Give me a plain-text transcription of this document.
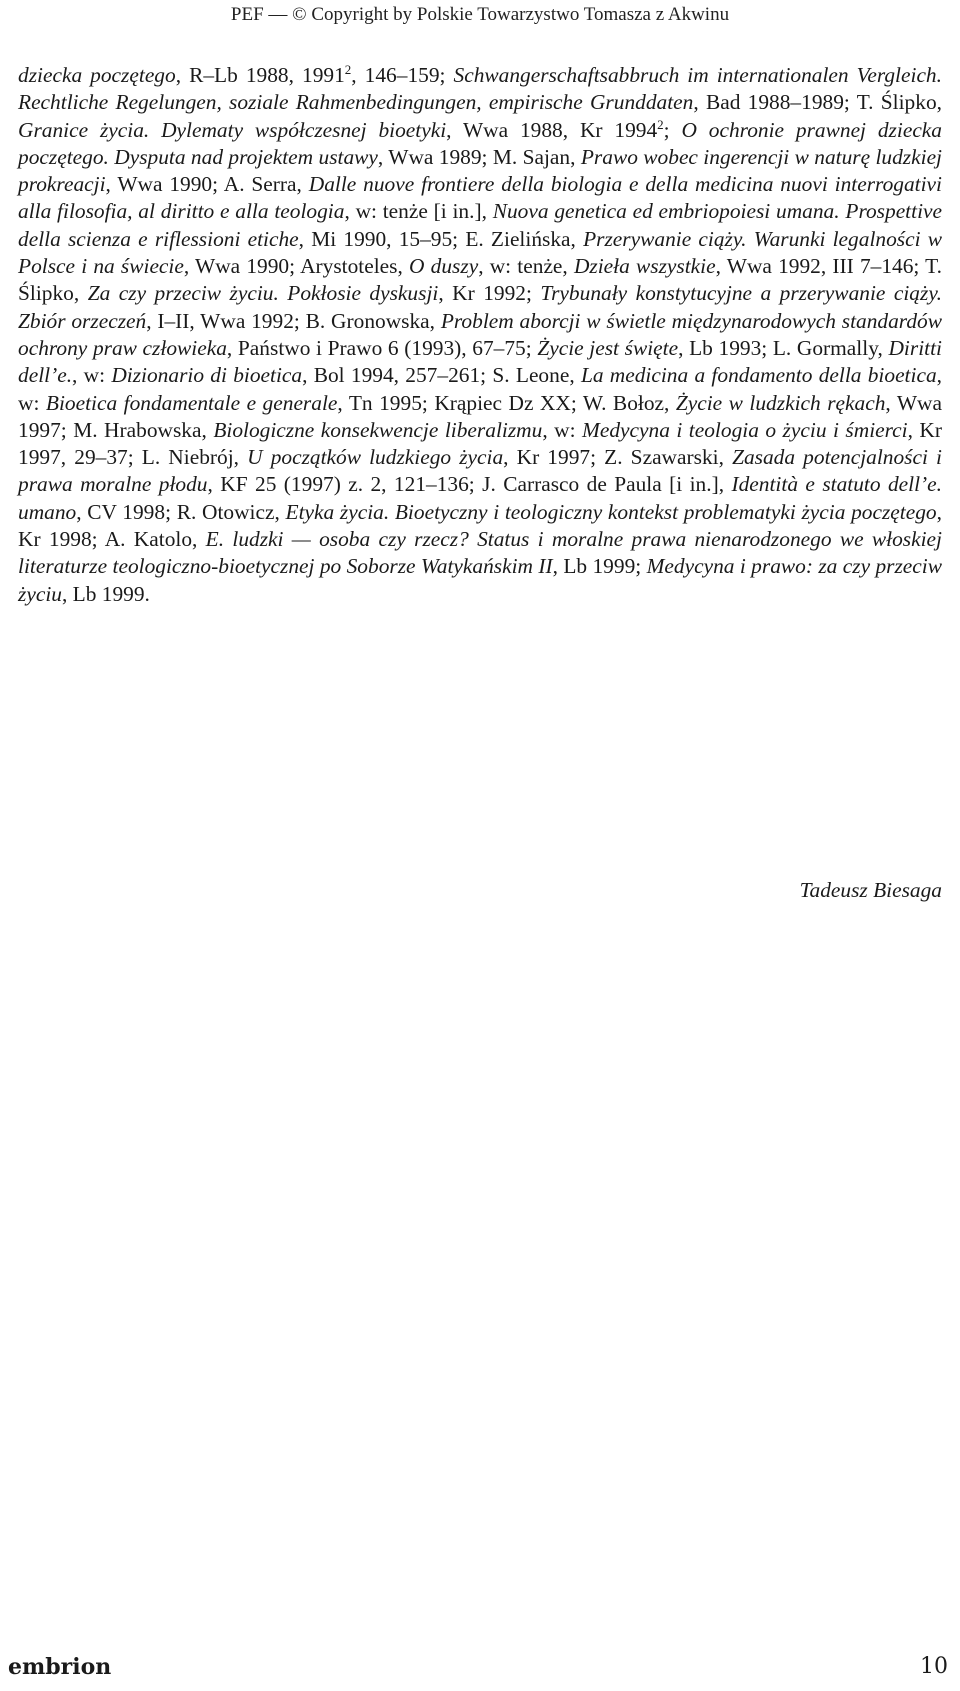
PEF — © Copyright by Polskie Towarzystwo Tomasza z Akwinu

dziecka poczętego, R–Lb 1988, 1991$^2$, 146–159; Schwangerschaftsabbruch im internationalen Vergleich. Rechtliche Regelungen, soziale Rahmenbedingungen, empirische Grunddaten, Bad 1988–1989; T. Ślipko, Granice życia. Dylematy współczesnej bioetyki, Wwa 1988, Kr 1994$^2$; O ochronie prawnej dziecka poczętego. Dysputa nad projektem ustawy, Wwa 1989; M. Sajan, Prawo wobec ingerencji w naturę ludzkiej prokreacji, Wwa 1990; A. Serra, Dalle nuove frontiere della biologia e della medicina nuovi interrogativi alla filosofia, al diritto e alla teologia, w: tenże [i in.], Nuova genetica ed embriopoiesi umana. Prospettive della scienza e riflessioni etiche, Mi 1990, 15–95; E. Zielińska, Przerywanie ciąży. Warunki legalności w Polsce i na świecie, Wwa 1990; Arystoteles, O duszy, w: tenże, Dzieła wszystkie, Wwa 1992, III 7–146; T. Ślipko, Za czy przeciw życiu. Pokłosie dyskusji, Kr 1992; Trybunały konstytucyjne a przerywanie ciąży. Zbiór orzeczeń, I–II, Wwa 1992; B. Gronowska, Problem aborcji w świetle międzynarodowych standardów ochrony praw człowieka, Państwo i Prawo 6 (1993), 67–75; Życie jest święte, Lb 1993; L. Gormally, Diritti dell’e., w: Dizionario di bioetica, Bol 1994, 257–261; S. Leone, La medicina a fondamento della bioetica, w: Bioetica fondamentale e generale, Tn 1995; Krąpiec Dz XX; W. Bołoz, Życie w ludzkich rękach, Wwa 1997; M. Hrabowska, Biologiczne konsekwencje liberalizmu, w: Medycyna i teologia o życiu i śmierci, Kr 1997, 29–37; L. Niebrój, U początków ludzkiego życia, Kr 1997; Z. Szawarski, Zasada potencjalności i prawa moralne płodu, KF 25 (1997) z. 2, 121–136; J. Carrasco de Paula [i in.], Identità e statuto dell’e. umano, CV 1998; R. Otowicz, Etyka życia. Bioetyczny i teologiczny kontekst problematyki życia poczętego, Kr 1998; A. Katolo, E. ludzki — osoba czy rzecz? Status i moralne prawa nienarodzonego we włoskiej literaturze teologiczno-bioetycznej po Soborze Watykańskim II, Lb 1999; Medycyna i prawo: za czy przeciw życiu, Lb 1999.

Tadeusz Biesaga
embrion	10
